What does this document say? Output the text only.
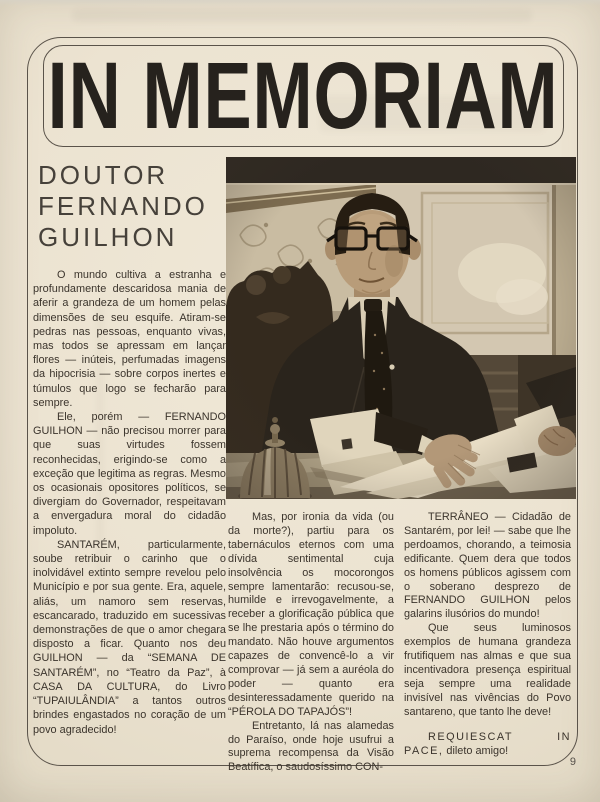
IN MEMORIAM
DOUTOR FERNANDO GUILHON

O mundo cultiva a estranha e profundamente descaridosa mania de aferir a grandeza de um homem pelas dimensões de seu esquife. Atiram-se pedras nas pessoas, enquanto vivas, mas todos se apressam em lançar flores — inúteis, perfumadas imagens da hipocrisia — sobre corpos inertes e túmulos que logo se fecharão para sempre.

Ele, porém — FERNANDO GUILHON — não precisou morrer para que suas virtudes fossem reconhecidas, erigindo-se como a exceção que legitima as regras. Mesmo os ocasionais opositores políticos, se divergiam do Governador, respeitavam a envergadura moral do cidadão impoluto.

SANTARÉM, particularmente, soube retribuir o carinho que o inolvidável extinto sempre revelou pelo Município e por sua gente. Era, aquele, aliás, um namoro sem reservas, escancarado, traduzido em sucessivas demonstrações de que o amor chegara disposto a ficar. Quanto nos deu GUILHON — da “SEMANA DE SANTARÉM”, no “Teatro da Paz”, à CASA DA CULTURA, do Livro “TUPAIULÂNDIA” a tantos outros brindes engastados no coração de um povo agradecido!

Mas, por ironia da vida (ou da morte?), partiu para os tabernáculos eternos com uma dívida sentimental cuja insolvência os mocorongos sempre lamentarão: recusou-se, humilde e irrevogavelmente, a receber a glorificação pública que se lhe prestaria após o término do mandato. Não houve argumentos capazes de convencê-lo a vir comprovar — já sem a auréola do poder — quanto era desinteressadamente querido na “PÉROLA DO TAPAJÓS”!

Entretanto, lá nas alamedas do Paraíso, onde hoje usufrui a suprema recompensa da Visão Beatífica, o saudosíssimo CON-

TERRÂNEO — Cidadão de Santarém, por lei! — sabe que lhe perdoamos, chorando, a teimosia edificante. Quem dera que todos os homens públicos agissem com o soberano desprezo de FERNANDO GUILHON pelos galarins ilusórios do mundo!

Que seus luminosos exemplos de humana grandeza frutifiquem nas almas e que sua incentivadora presença espiritual seja sempre uma realidade invisível nas vivências do Povo santareno, que tanto lhe deve!

REQUIESCAT IN PACE, dileto amigo!

9
